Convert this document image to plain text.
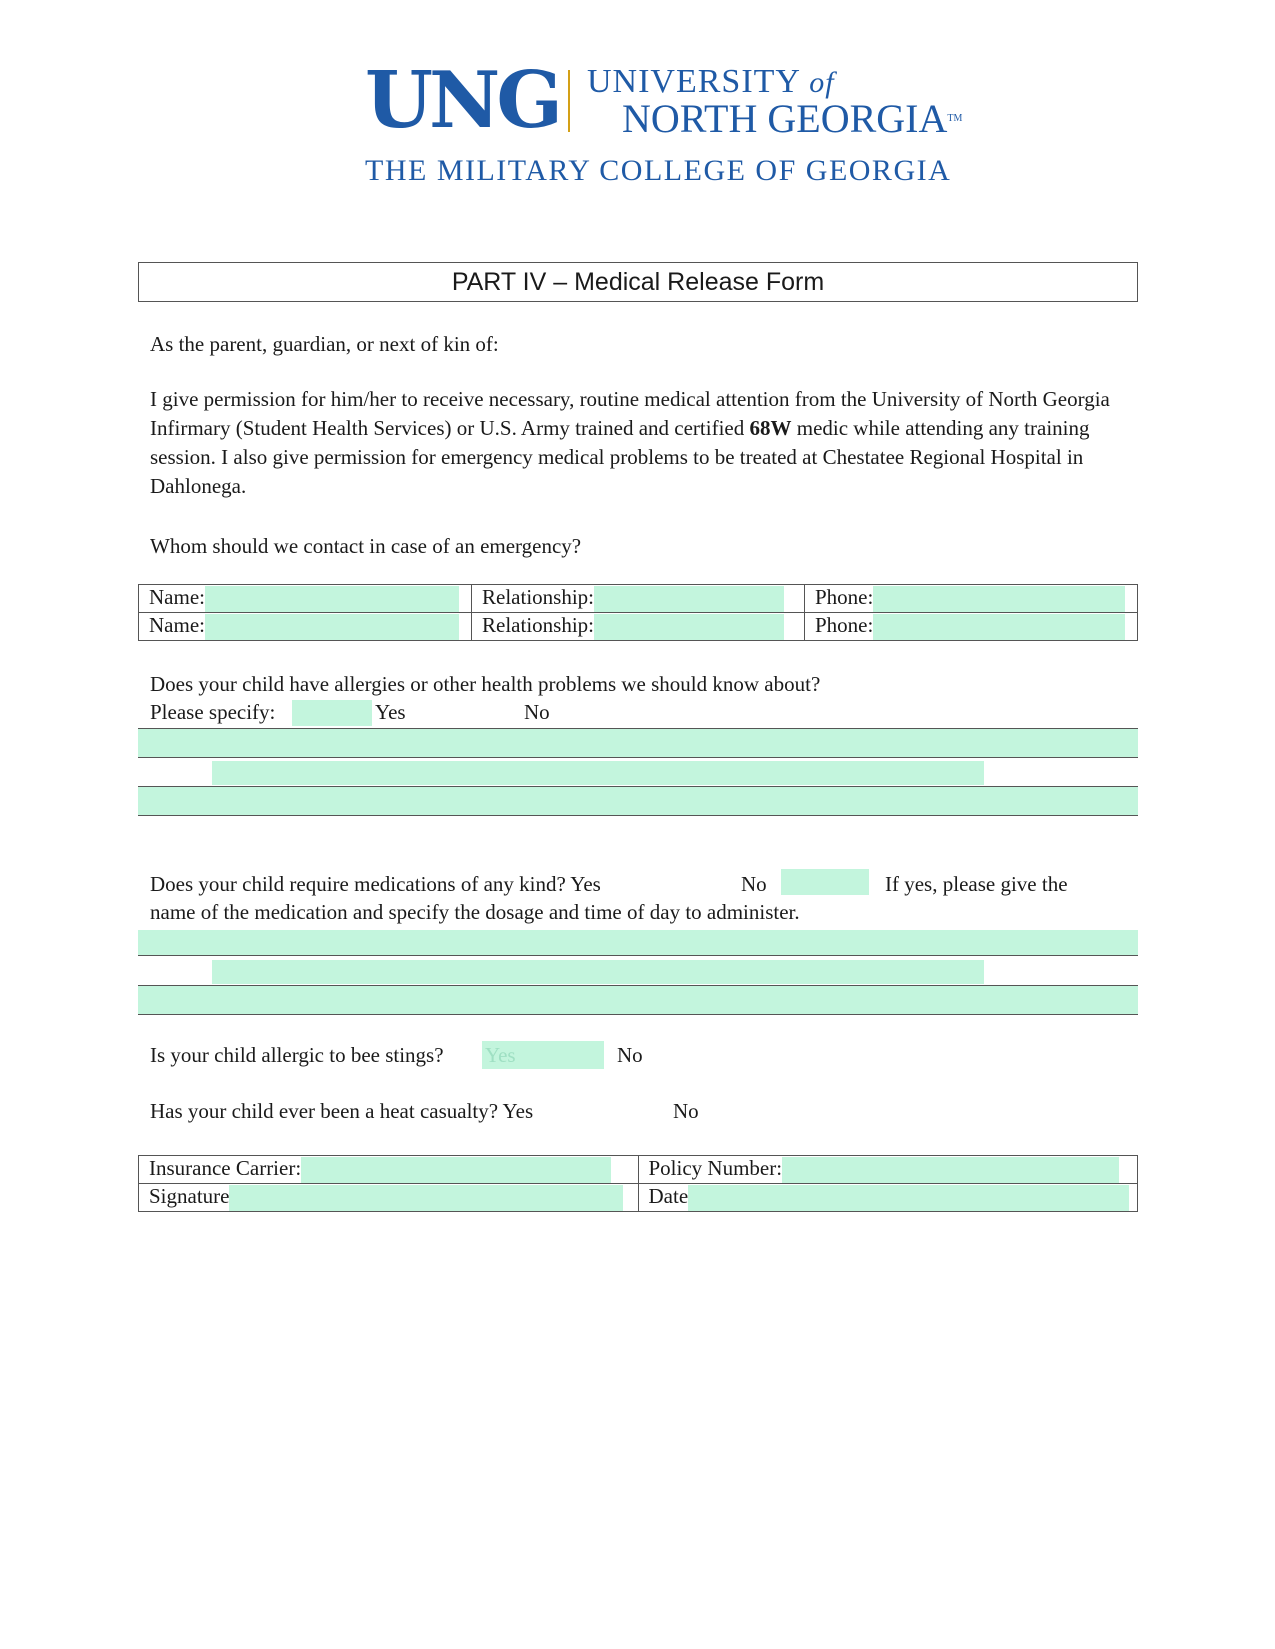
UNG UNIVERSITY of
NORTH GEORGIA™
THE MILITARY COLLEGE OF GEORGIA
PART IV – Medical Release Form
As the parent, guardian, or next of kin of:
I give permission for him/her to receive necessary, routine medical attention from the University of North Georgia Infirmary (Student Health Services) or U.S. Army trained and certified 68W medic while attending any training session. I also give permission for emergency medical problems to be treated at Chestatee Regional Hospital in Dahlonega.
Whom should we contact in case of an emergency?
Name:	Relationship:	Phone:
Name:	Relationship:	Phone:
Does your child have allergies or other health problems we should know about?
Please specify:	Yes	No
Does your child require medications of any kind? Yes	No	If yes, please give the
name of the medication and specify the dosage and time of day to administer.
Is your child allergic to bee stings? Yes	No
Has your child ever been a heat casualty? Yes	No
Insurance Carrier:	Policy Number:
Signature	Date
